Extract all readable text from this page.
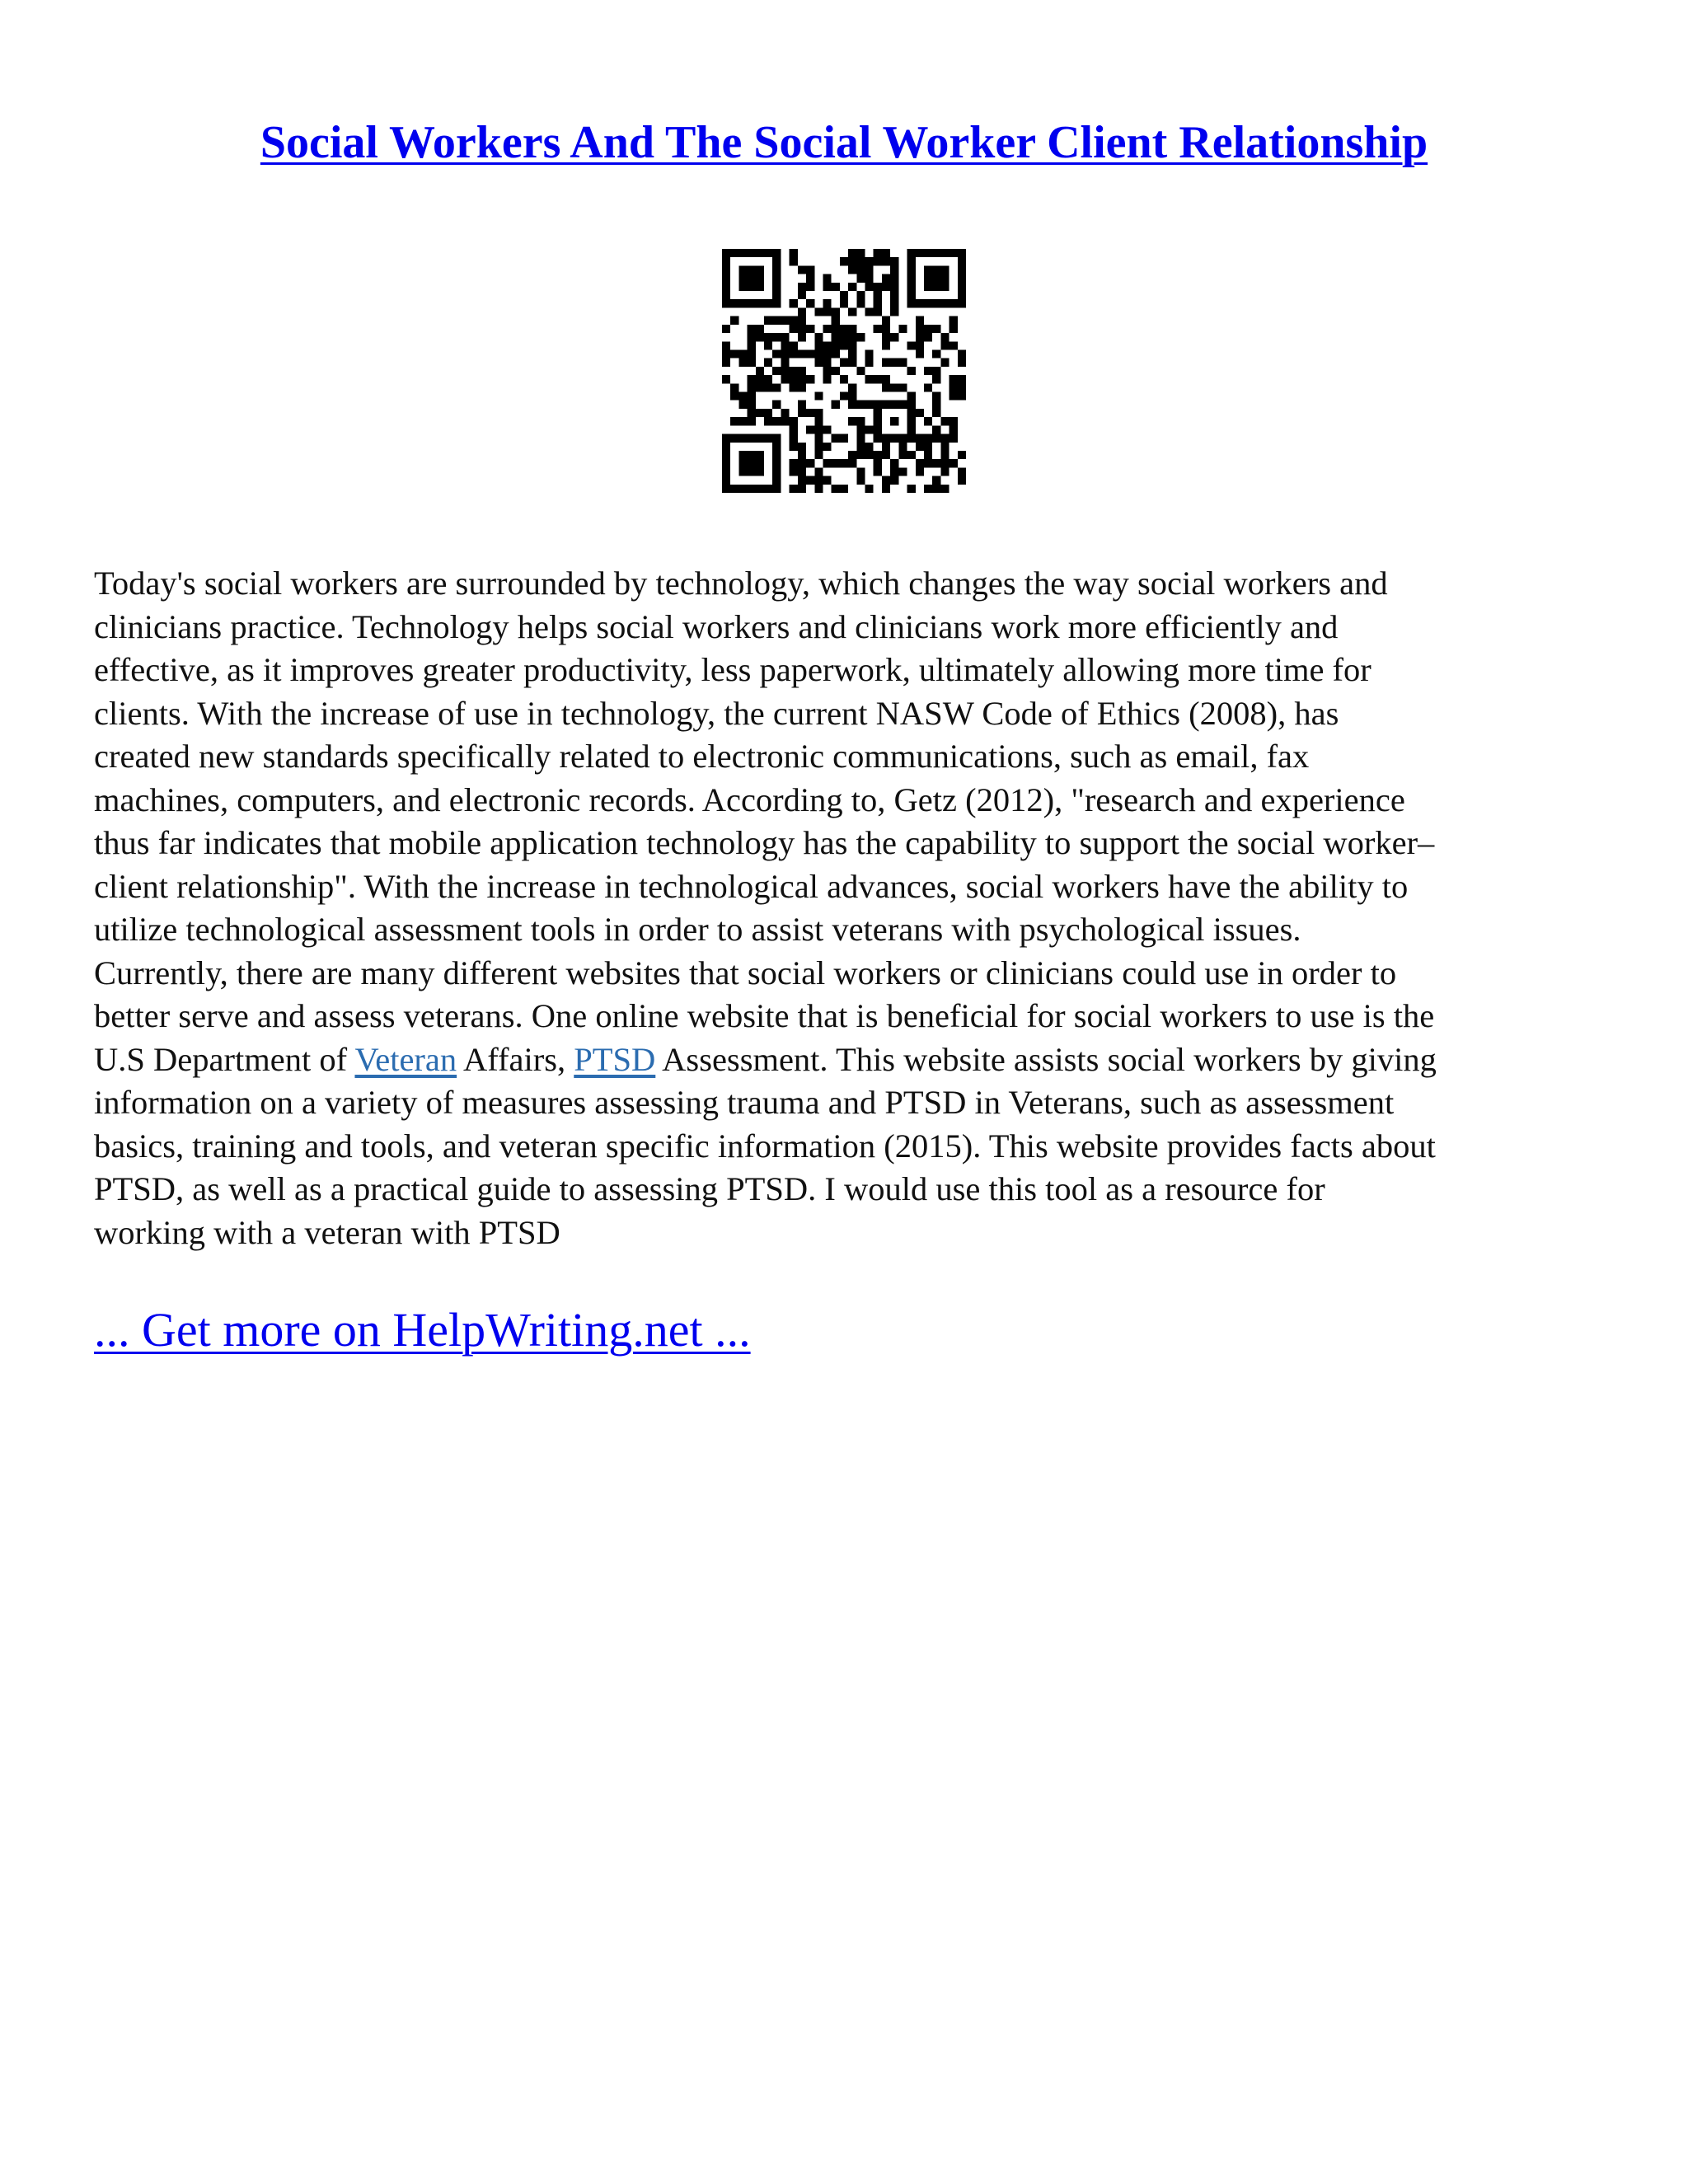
Social Workers And The Social Worker Client Relationship

Today's social workers are surrounded by technology, which changes the way social workers and
clinicians practice. Technology helps social workers and clinicians work more efficiently and
effective, as it improves greater productivity, less paperwork, ultimately allowing more time for
clients. With the increase of use in technology, the current NASW Code of Ethics (2008), has
created new standards specifically related to electronic communications, such as email, fax
machines, computers, and electronic records. According to, Getz (2012), "research and experience
thus far indicates that mobile application technology has the capability to support the social worker–
client relationship". With the increase in technological advances, social workers have the ability to
utilize technological assessment tools in order to assist veterans with psychological issues.
Currently, there are many different websites that social workers or clinicians could use in order to
better serve and assess veterans. One online website that is beneficial for social workers to use is the
U.S Department of Veteran Affairs, PTSD Assessment. This website assists social workers by giving
information on a variety of measures assessing trauma and PTSD in Veterans, such as assessment
basics, training and tools, and veteran specific information (2015). This website provides facts about
PTSD, as well as a practical guide to assessing PTSD. I would use this tool as a resource for
working with a veteran with PTSD

... Get more on HelpWriting.net ...
